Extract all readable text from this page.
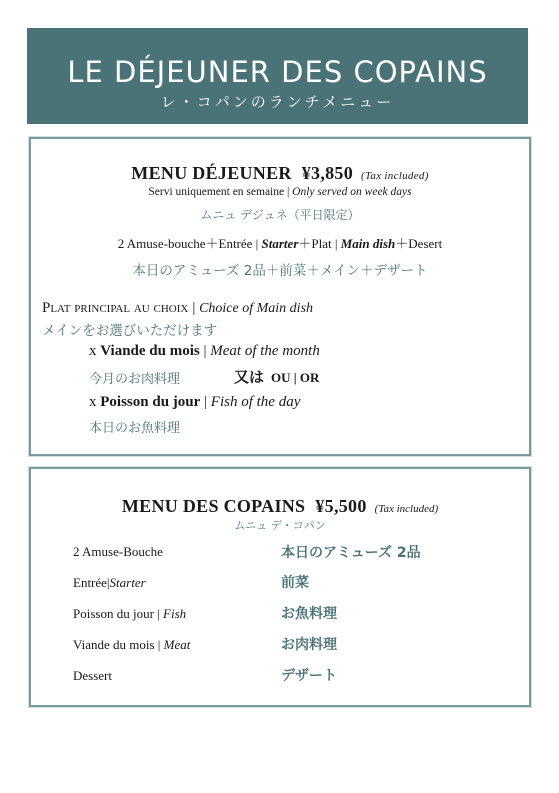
LE DÉJEUNER DES COPAINS
レ・コパンのランチメニュー
MENU DÉJEUNER ¥3,850 (Tax included)
Servi uniquement en semaine | Only served on week days
ムニュ デジュネ（平日限定）
2 Amuse-bouche＋Entrée | Starter＋Plat | Main dish＋Desert
本日のアミューズ 2品＋前菜＋メイン＋デザート
Plat principal au choix | Choice of Main dish
メインをお選びいただけます
x Viande du mois | Meat of the month
今月のお肉料理	又は OU | OR
x Poisson du jour | Fish of the day
本日のお魚料理
MENU DES COPAINS ¥5,500 (Tax included)
ムニュ デ・コパン
2 Amuse-Bouche	本日のアミューズ 2品
Entrée|Starter	前菜
Poisson du jour | Fish	お魚料理
Viande du mois | Meat	お肉料理
Dessert	デザート
